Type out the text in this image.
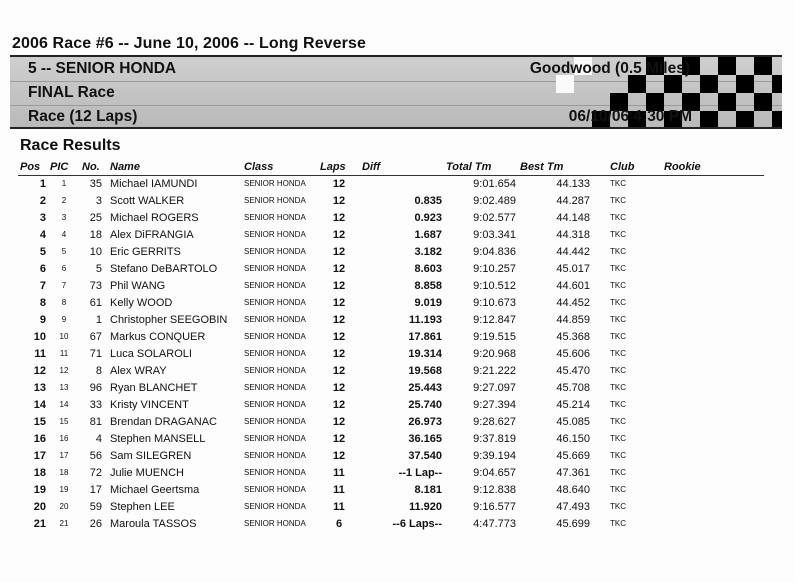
2006 Race #6 -- June 10, 2006 -- Long Reverse
5 -- SENIOR HONDA
FINAL Race
Race (12 Laps)
Goodwood (0.5 Miles)
06/10/06 4:30 PM
Race Results
Pos	PIC	No.	Name	Class	Laps	Diff	Total Tm	Best Tm	Club	Rookie
1	1	35	Michael IAMUNDI	SENIOR HONDA	12		9:01.654	44.133	TKC	
2	2	3	Scott WALKER	SENIOR HONDA	12	0.835	9:02.489	44.287	TKC	
3	3	25	Michael ROGERS	SENIOR HONDA	12	0.923	9:02.577	44.148	TKC	
4	4	18	Alex DiFRANGIA	SENIOR HONDA	12	1.687	9:03.341	44.318	TKC	
5	5	10	Eric GERRITS	SENIOR HONDA	12	3.182	9:04.836	44.442	TKC	
6	6	5	Stefano DeBARTOLO	SENIOR HONDA	12	8.603	9:10.257	45.017	TKC	
7	7	73	Phil WANG	SENIOR HONDA	12	8.858	9:10.512	44.601	TKC	
8	8	61	Kelly WOOD	SENIOR HONDA	12	9.019	9:10.673	44.452	TKC	
9	9	1	Christopher SEEGOBIN	SENIOR HONDA	12	11.193	9:12.847	44.859	TKC	
10	10	67	Markus CONQUER	SENIOR HONDA	12	17.861	9:19.515	45.368	TKC	
11	11	71	Luca SOLAROLI	SENIOR HONDA	12	19.314	9:20.968	45.606	TKC	
12	12	8	Alex WRAY	SENIOR HONDA	12	19.568	9:21.222	45.470	TKC	
13	13	96	Ryan BLANCHET	SENIOR HONDA	12	25.443	9:27.097	45.708	TKC	
14	14	33	Kristy VINCENT	SENIOR HONDA	12	25.740	9:27.394	45.214	TKC	
15	15	81	Brendan DRAGANAC	SENIOR HONDA	12	26.973	9:28.627	45.085	TKC	
16	16	4	Stephen MANSELL	SENIOR HONDA	12	36.165	9:37.819	46.150	TKC	
17	17	56	Sam SILEGREN	SENIOR HONDA	12	37.540	9:39.194	45.669	TKC	
18	18	72	Julie MUENCH	SENIOR HONDA	11	--1 Lap--	9:04.657	47.361	TKC	
19	19	17	Michael Geertsma	SENIOR HONDA	11	8.181	9:12.838	48.640	TKC	
20	20	59	Stephen LEE	SENIOR HONDA	11	11.920	9:16.577	47.493	TKC	
21	21	26	Maroula TASSOS	SENIOR HONDA	6	--6 Laps--	4:47.773	45.699	TKC	
